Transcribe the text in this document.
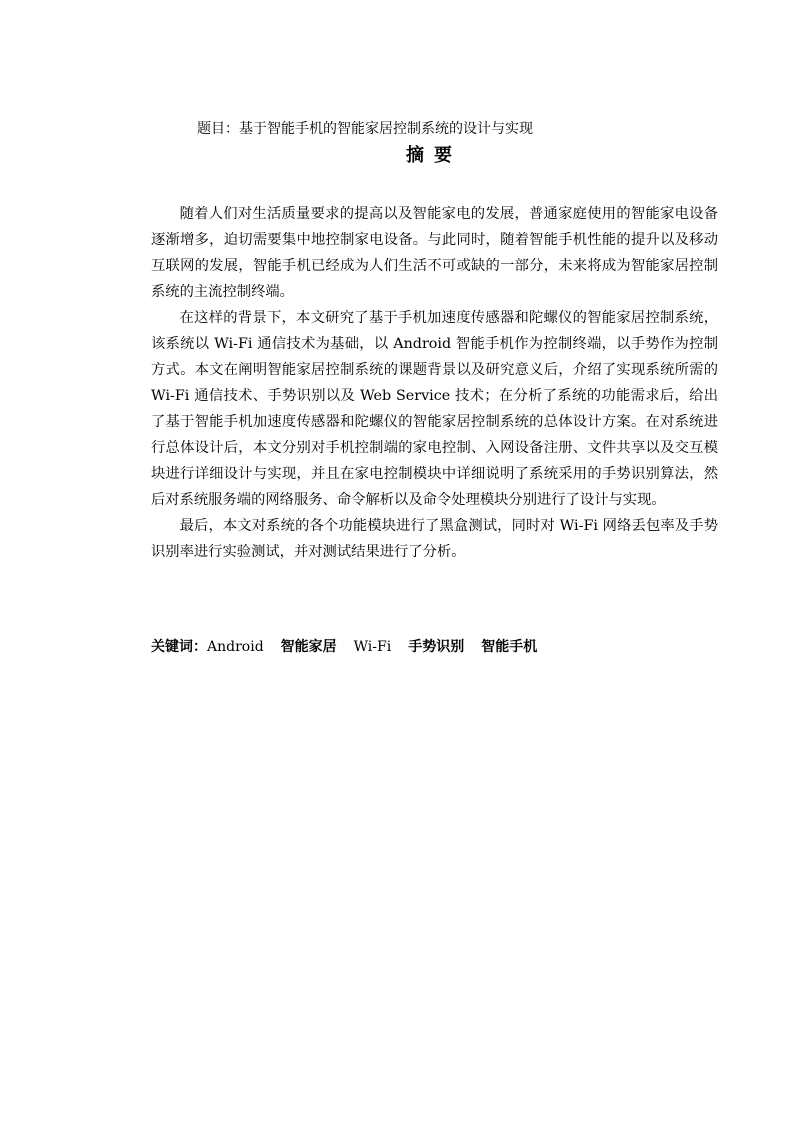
题目：基于智能手机的智能家居控制系统的设计与实现
摘要

随着人们对生活质量要求的提高以及智能家电的发展，普通家庭使用的智能家电设备逐渐增多，迫切需要集中地控制家电设备。与此同时，随着智能手机性能的提升以及移动互联网的发展，智能手机已经成为人们生活不可或缺的一部分，未来将成为智能家居控制系统的主流控制终端。

在这样的背景下，本文研究了基于手机加速度传感器和陀螺仪的智能家居控制系统，该系统以 Wi-Fi 通信技术为基础，以 Android 智能手机作为控制终端，以手势作为控制方式。本文在阐明智能家居控制系统的课题背景以及研究意义后，介绍了实现系统所需的 Wi-Fi 通信技术、手势识别以及 Web Service 技术；在分析了系统的功能需求后，给出了基于智能手机加速度传感器和陀螺仪的智能家居控制系统的总体设计方案。在对系统进行总体设计后，本文分别对手机控制端的家电控制、入网设备注册、文件共享以及交互模块进行详细设计与实现，并且在家电控制模块中详细说明了系统采用的手势识别算法，然后对系统服务端的网络服务、命令解析以及命令处理模块分别进行了设计与实现。

最后，本文对系统的各个功能模块进行了黑盒测试，同时对 Wi-Fi 网络丢包率及手势识别率进行实验测试，并对测试结果进行了分析。

关键词：Android 智能家居 Wi-Fi 手势识别 智能手机
